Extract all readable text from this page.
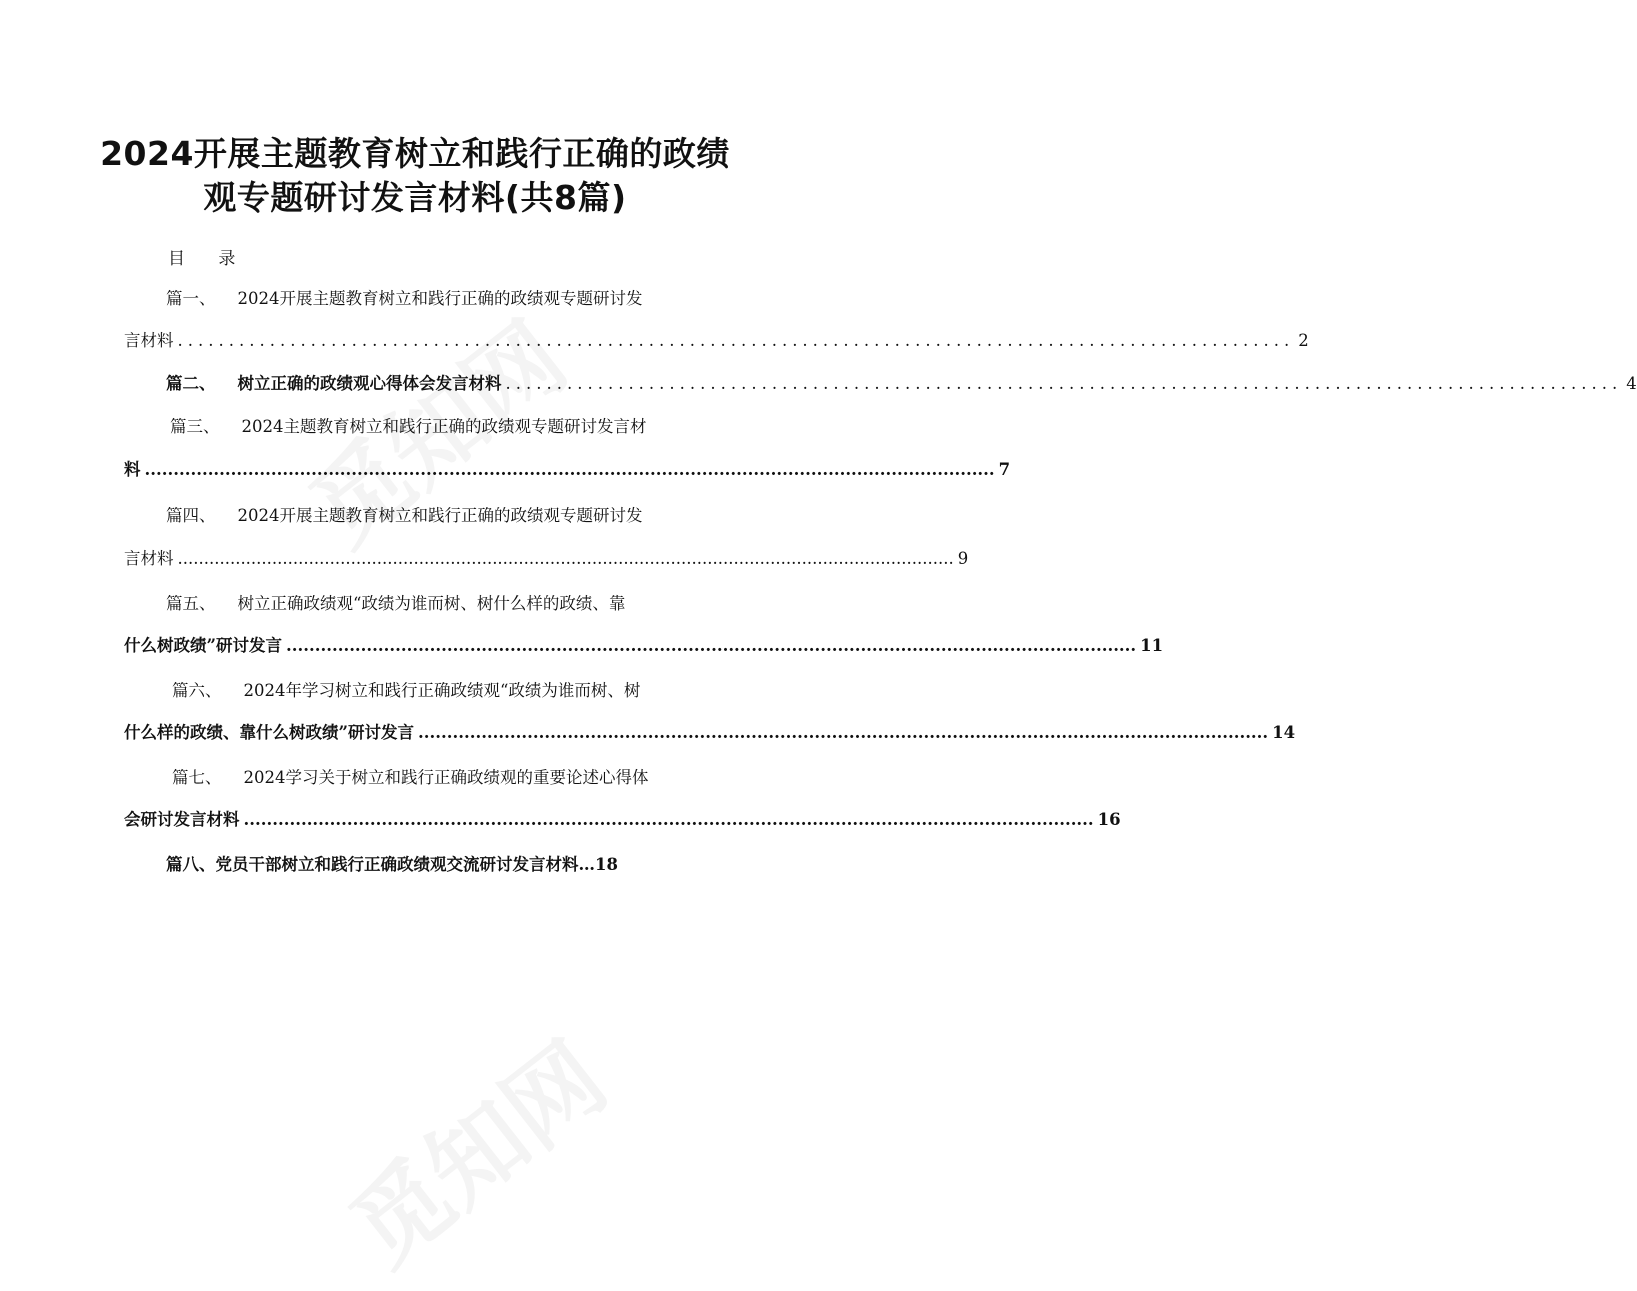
2024开展主题教育树立和践行正确的政绩
观专题研讨发言材料(共8篇)
目 录
篇一、 2024开展主题教育树立和践行正确的政绩观专题研讨发
言材料 ............................................................................................................. 2
篇二、 树立正确的政绩观心得体会发言材料 ............................................................................................................. 4
篇三、 2024主题教育树立和践行正确的政绩观专题研讨发言材
料 .................................................................................................................................................... 7
篇四、 2024开展主题教育树立和践行正确的政绩观专题研讨发
言材料 .................................................................................................................................................... 9
篇五、 树立正确政绩观“政绩为谁而树、树什么样的政绩、靠
什么树政绩”研讨发言 .................................................................................................................................................... 11
篇六、 2024年学习树立和践行正确政绩观“政绩为谁而树、树
什么样的政绩、靠什么树政绩”研讨发言 .................................................................................................................................................... 14
篇七、 2024学习关于树立和践行正确政绩观的重要论述心得体
会研讨发言材料 .................................................................................................................................................... 16
篇八、党员干部树立和践行正确政绩观交流研讨发言材料… 18
